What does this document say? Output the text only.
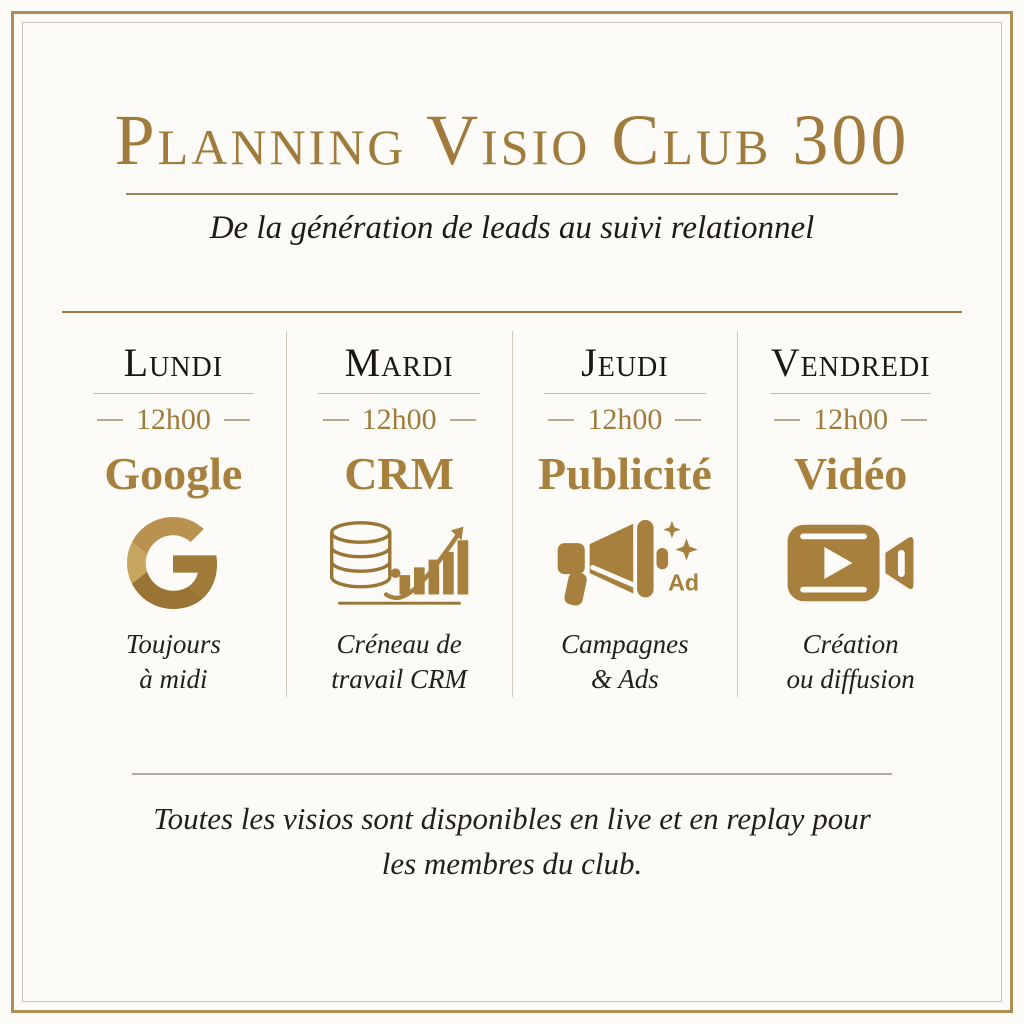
Planning Visio Club 300
De la génération de leads au suivi relationnel
Lundi
12h00
Google
Toujours
à midi
Mardi
12h00
CRM
Créneau de
travail CRM
Jeudi
12h00
Publicité
Ad
Campagnes
& Ads
Vendredi
12h00
Vidéo
Création
ou diffusion
Toutes les visios sont disponibles en live et en replay pour
les membres du club.
